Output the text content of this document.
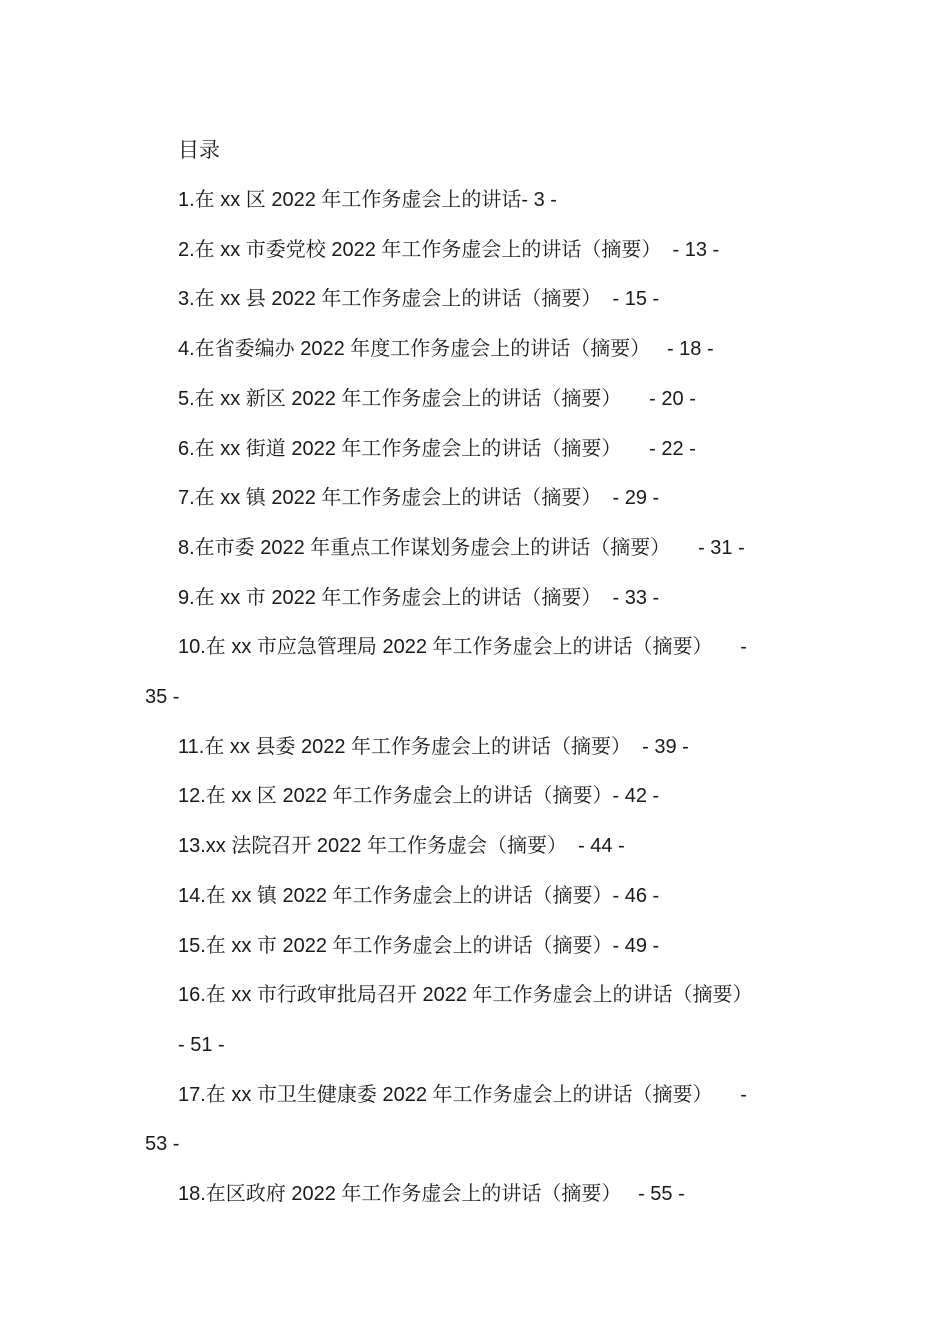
目录
1.在 xx 区 2022 年工作务虚会上的讲话- 3 -
2.在 xx 市委党校 2022 年工作务虚会上的讲话（摘要）  - 13 -
3.在 xx 县 2022 年工作务虚会上的讲话（摘要）  - 15 -
4.在省委编办 2022 年度工作务虚会上的讲话（摘要）   - 18 -
5.在 xx 新区 2022 年工作务虚会上的讲话（摘要）     - 20 -
6.在 xx 街道 2022 年工作务虚会上的讲话（摘要）     - 22 -
7.在 xx 镇 2022 年工作务虚会上的讲话（摘要）  - 29 -
8.在市委 2022 年重点工作谋划务虚会上的讲话（摘要）     - 31 -
9.在 xx 市 2022 年工作务虚会上的讲话（摘要）  - 33 -
10.在 xx 市应急管理局 2022 年工作务虚会上的讲话（摘要）     -
35 -
11.在 xx 县委 2022 年工作务虚会上的讲话（摘要）  - 39 -
12.在 xx 区 2022 年工作务虚会上的讲话（摘要）- 42 -
13.xx 法院召开 2022 年工作务虚会（摘要）  - 44 -
14.在 xx 镇 2022 年工作务虚会上的讲话（摘要）- 46 -
15.在 xx 市 2022 年工作务虚会上的讲话（摘要）- 49 -
16.在 xx 市行政审批局召开 2022 年工作务虚会上的讲话（摘要）
- 51 -
17.在 xx 市卫生健康委 2022 年工作务虚会上的讲话（摘要）     -
53 -
18.在区政府 2022 年工作务虚会上的讲话（摘要）   - 55 -
